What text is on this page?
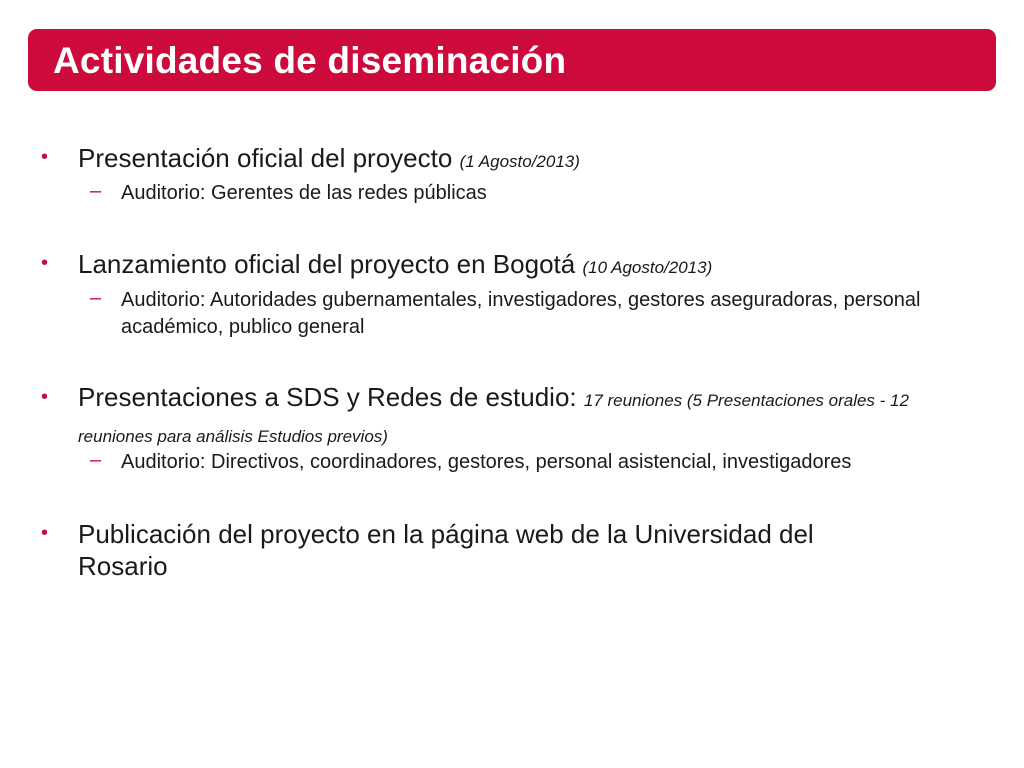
Actividades de diseminación
• Presentación oficial del proyecto (1 Agosto/2013)
– Auditorio: Gerentes de las redes públicas
• Lanzamiento oficial del proyecto en Bogotá (10 Agosto/2013)
– Auditorio: Autoridades gubernamentales, investigadores, gestores aseguradoras, personal académico, publico general
• Presentaciones a SDS y Redes de estudio: 17 reuniones (5 Presentaciones orales - 12 reuniones para análisis Estudios previos)
– Auditorio: Directivos, coordinadores, gestores, personal asistencial, investigadores
• Publicación del proyecto en la página web de la Universidad del Rosario
